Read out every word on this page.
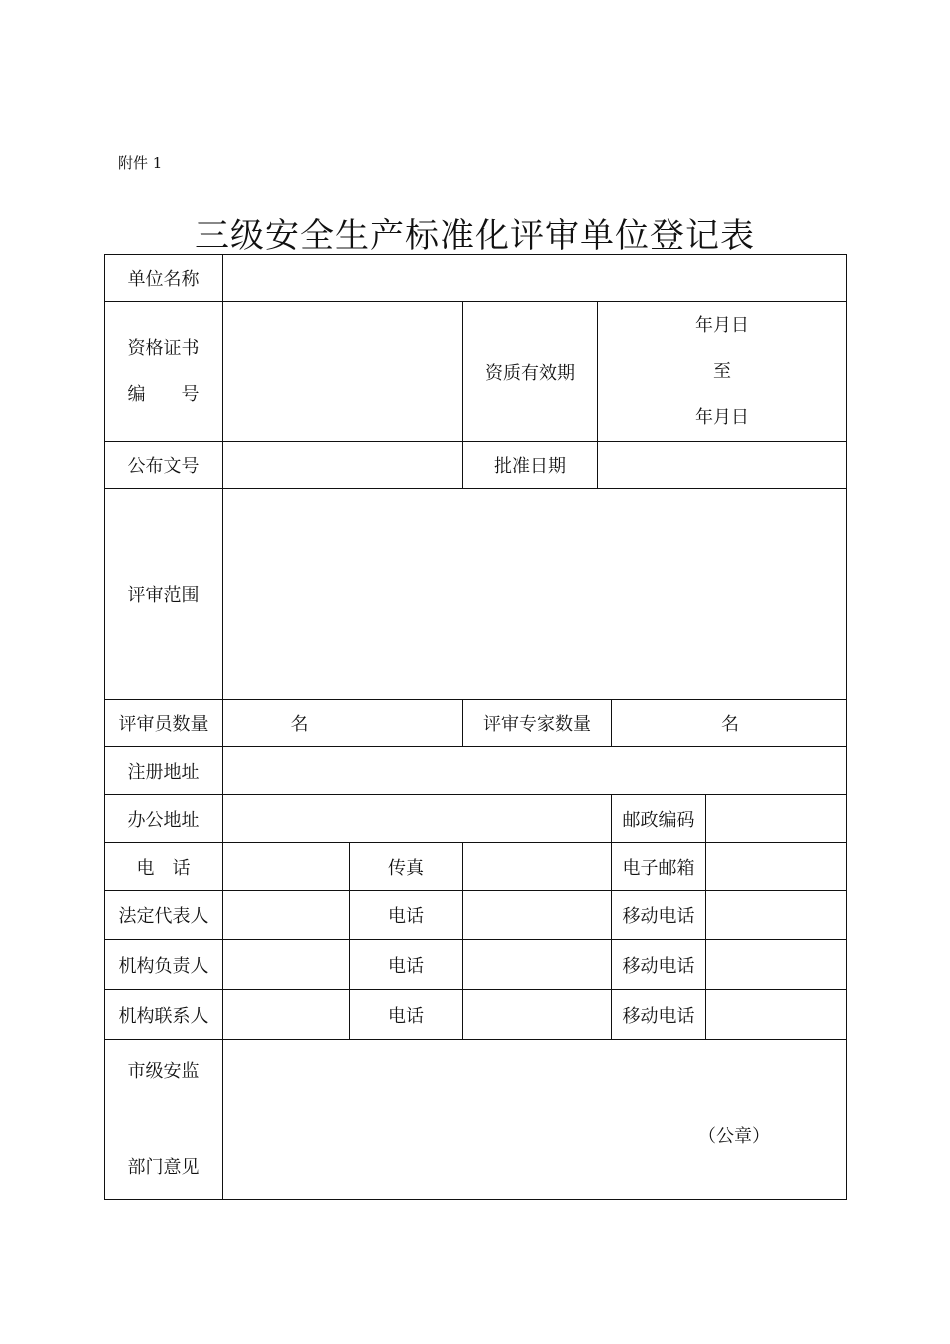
附件 1
三级安全生产标准化评审单位登记表
单位名称						

资格证书
编　　号			资质有效期	年月日
至
年月日		

公布文号			批准日期			
评审范围						
评审员数量	名		评审专家数量		名	
注册地址						
办公地址					邮政编码	
电　话		传真			电子邮箱	
法定代表人		电话			移动电话	
机构负责人		电话			移动电话	
机构联系人		电话			移动电话	

市级安监
部门意见	（公章）					
